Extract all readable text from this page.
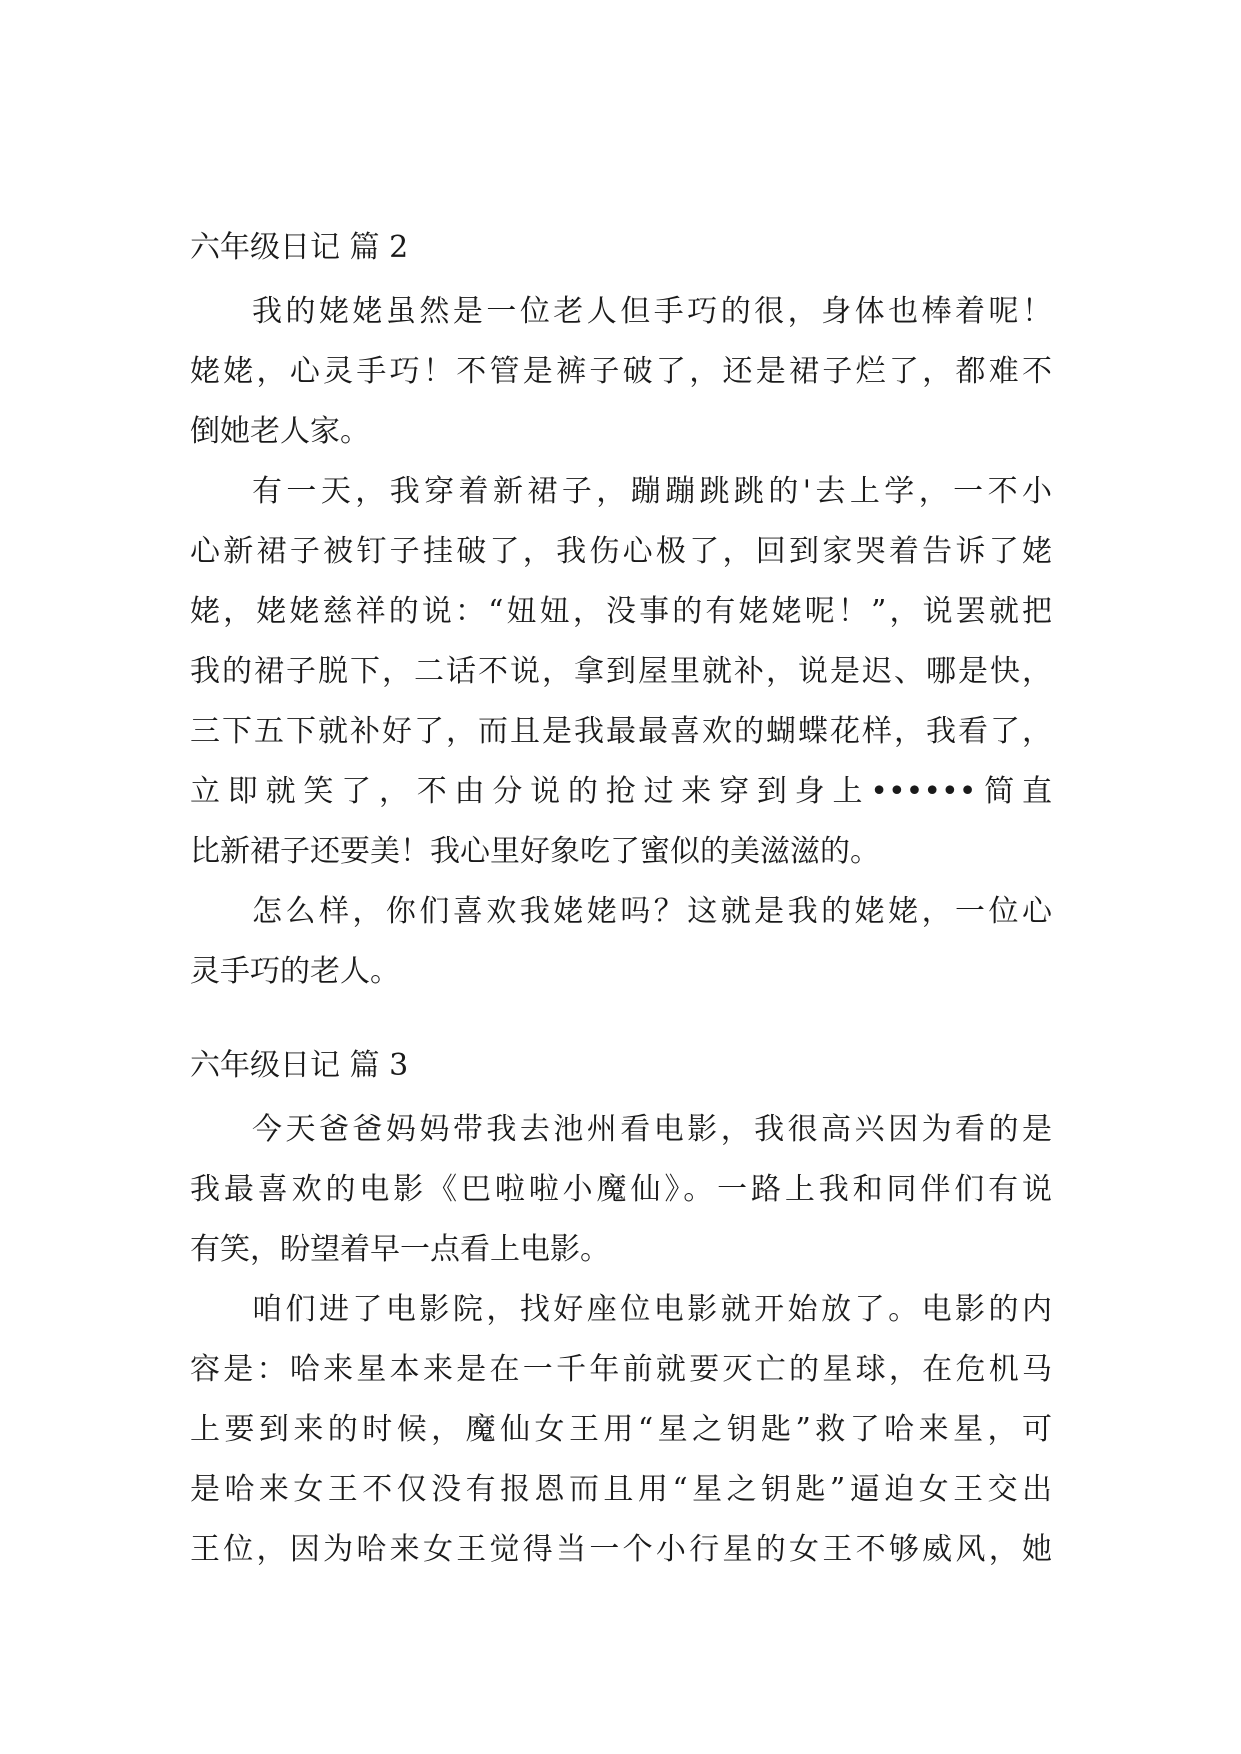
六年级日记 篇 2
我的姥姥虽然是一位老人但手巧的很，身体也棒着呢！
姥姥，心灵手巧！不管是裤子破了，还是裙子烂了，都难不
倒她老人家。
有一天，我穿着新裙子，蹦蹦跳跳的'去上学，一不小
心新裙子被钉子挂破了，我伤心极了，回到家哭着告诉了姥
姥，姥姥慈祥的说：“妞妞，没事的有姥姥呢！”，说罢就把
我的裙子脱下，二话不说，拿到屋里就补，说是迟、哪是快，
三下五下就补好了，而且是我最最喜欢的蝴蝶花样，我看了，
立即就笑了，不由分说的抢过来穿到身上••••••简直
比新裙子还要美！我心里好象吃了蜜似的美滋滋的。
怎么样，你们喜欢我姥姥吗？这就是我的姥姥，一位心
灵手巧的老人。
六年级日记 篇 3
今天爸爸妈妈带我去池州看电影，我很高兴因为看的是
我最喜欢的电影《巴啦啦小魔仙》。一路上我和同伴们有说
有笑，盼望着早一点看上电影。
咱们进了电影院，找好座位电影就开始放了。电影的内
容是：哈来星本来是在一千年前就要灭亡的星球，在危机马
上要到来的时候，魔仙女王用“星之钥匙”救了哈来星，可
是哈来女王不仅没有报恩而且用“星之钥匙”逼迫女王交出
王位，因为哈来女王觉得当一个小行星的女王不够威风，她
